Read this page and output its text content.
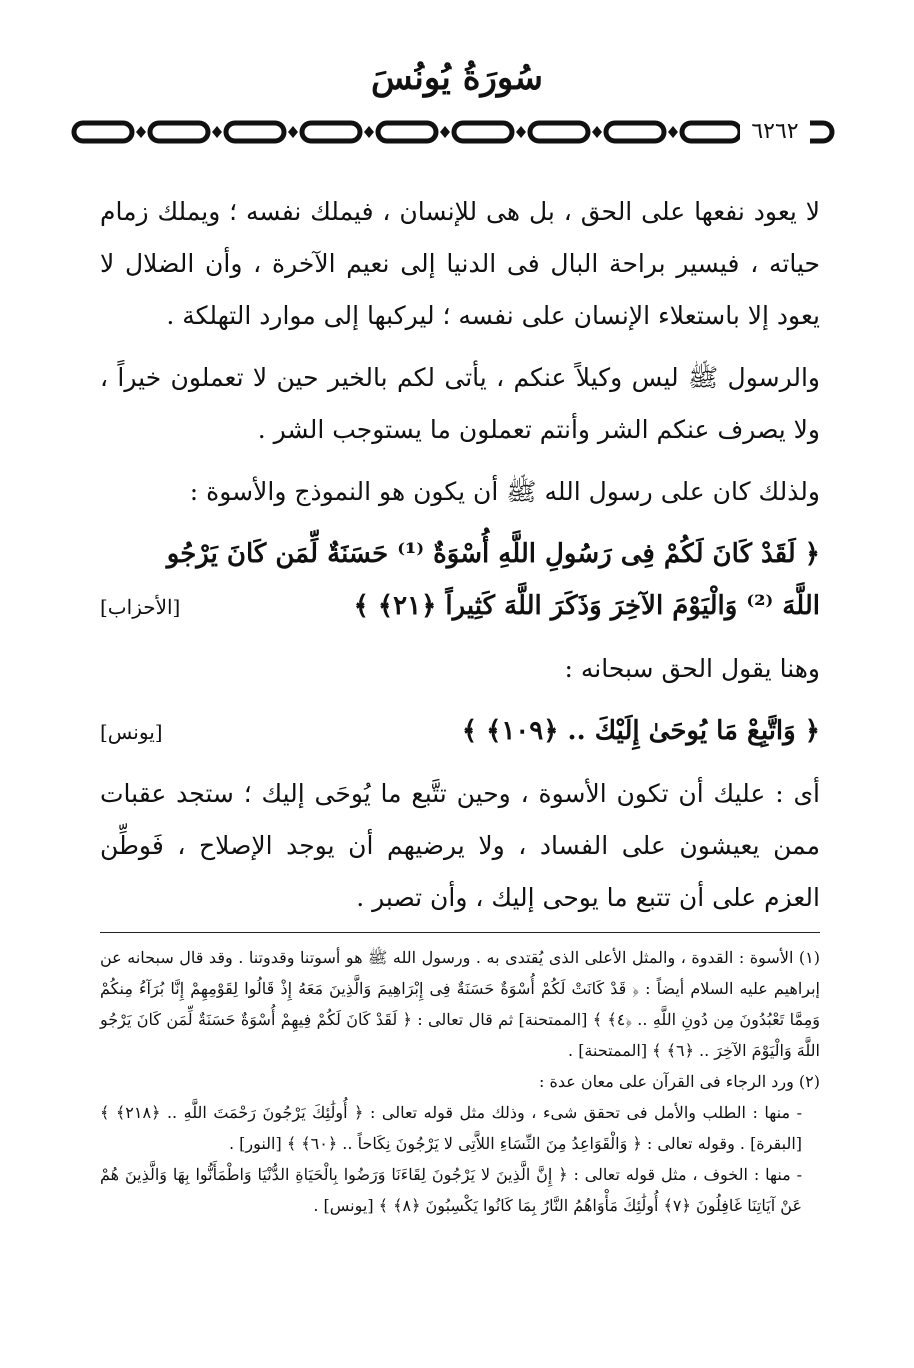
سُورَةُ يُونُسَ
٦٢٦٢

لا يعود نفعها على الحق ، بل هى للإنسان ، فيملك نفسه ؛ ويملك زمام حياته ، فيسير براحة البال فى الدنيا إلى نعيم الآخرة ، وأن الضلال لا يعود إلا باستعلاء الإنسان على نفسه ؛ ليركبها إلى موارد التهلكة .

والرسول ﷺ ليس وكيلاً عنكم ، يأتى لكم بالخير حين لا تعملون خيراً ، ولا يصرف عنكم الشر وأنتم تعملون ما يستوجب الشر .

ولذلك كان على رسول الله ﷺ أن يكون هو النموذج والأسوة :

﴿ لَقَدْ كَانَ لَكُمْ فِى رَسُولِ اللَّهِ أُسْوَةٌ ⁽¹⁾ حَسَنَةٌ لِّمَن كَانَ يَرْجُو

اللَّهَ ⁽²⁾ وَالْيَوْمَ الآخِرَ وَذَكَرَ اللَّهَ كَثِيراً ﴿٢١﴾ ﴾
[الأحزاب]

وهنا يقول الحق سبحانه :

﴿ وَاتَّبِعْ مَا يُوحَىٰ إِلَيْكَ .. ﴿١٠٩﴾ ﴾
[يونس]

أى : عليك أن تكون الأسوة ، وحين تتَّبع ما يُوحَى إليك ؛ ستجد عقبات ممن يعيشون على الفساد ، ولا يرضيهم أن يوجد الإصلاح ، فَوطِّن العزم على أن تتبع ما يوحى إليك ، وأن تصبر .

(١) الأسوة : القدوة ، والمثل الأعلى الذى يُقتدى به . ورسول الله ﷺ هو أسوتنا وقدوتنا . وقد قال سبحانه عن إبراهيم عليه السلام أيضاً : ﴿ قَدْ كَانَتْ لَكُمْ أُسْوَةٌ حَسَنَةٌ فِى إِبْرَاهِيمَ وَالَّذِينَ مَعَهُ إِذْ قَالُوا لِقَوْمِهِمْ إِنَّا بُرَآءُ مِنكُمْ وَمِمَّا تَعْبُدُونَ مِن دُونِ اللَّهِ .. ﴿٤﴾ ﴾ [الممتحنة] ثم قال تعالى : ﴿ لَقَدْ كَانَ لَكُمْ فِيهِمْ أُسْوَةٌ حَسَنَةٌ لِّمَن كَانَ يَرْجُو اللَّهَ وَالْيَوْمَ الآخِرَ .. ﴿٦﴾ ﴾ [الممتحنة] .

(٢) ورد الرجاء فى القرآن على معان عدة :

- منها : الطلب والأمل فى تحقق شىء ، وذلك مثل قوله تعالى : ﴿ أُولَٰئِكَ يَرْجُونَ رَحْمَتَ اللَّهِ .. ﴿٢١٨﴾ ﴾ [البقرة] . وقوله تعالى : ﴿ وَالْقَوَاعِدُ مِنَ النِّسَاءِ اللاَّتِى لا يَرْجُونَ نِكَاحاً .. ﴿٦٠﴾ ﴾ [النور] .

- منها : الخوف ، مثل قوله تعالى : ﴿ إِنَّ الَّذِينَ لا يَرْجُونَ لِقَاءَنَا وَرَضُوا بِالْحَيَاةِ الدُّنْيَا وَاطْمَأَنُّوا بِهَا وَالَّذِينَ هُمْ عَنْ آيَاتِنَا غَافِلُونَ ﴿٧﴾ أُولَٰئِكَ مَأْوَاهُمُ النَّارُ بِمَا كَانُوا يَكْسِبُونَ ﴿٨﴾ ﴾ [يونس] .
